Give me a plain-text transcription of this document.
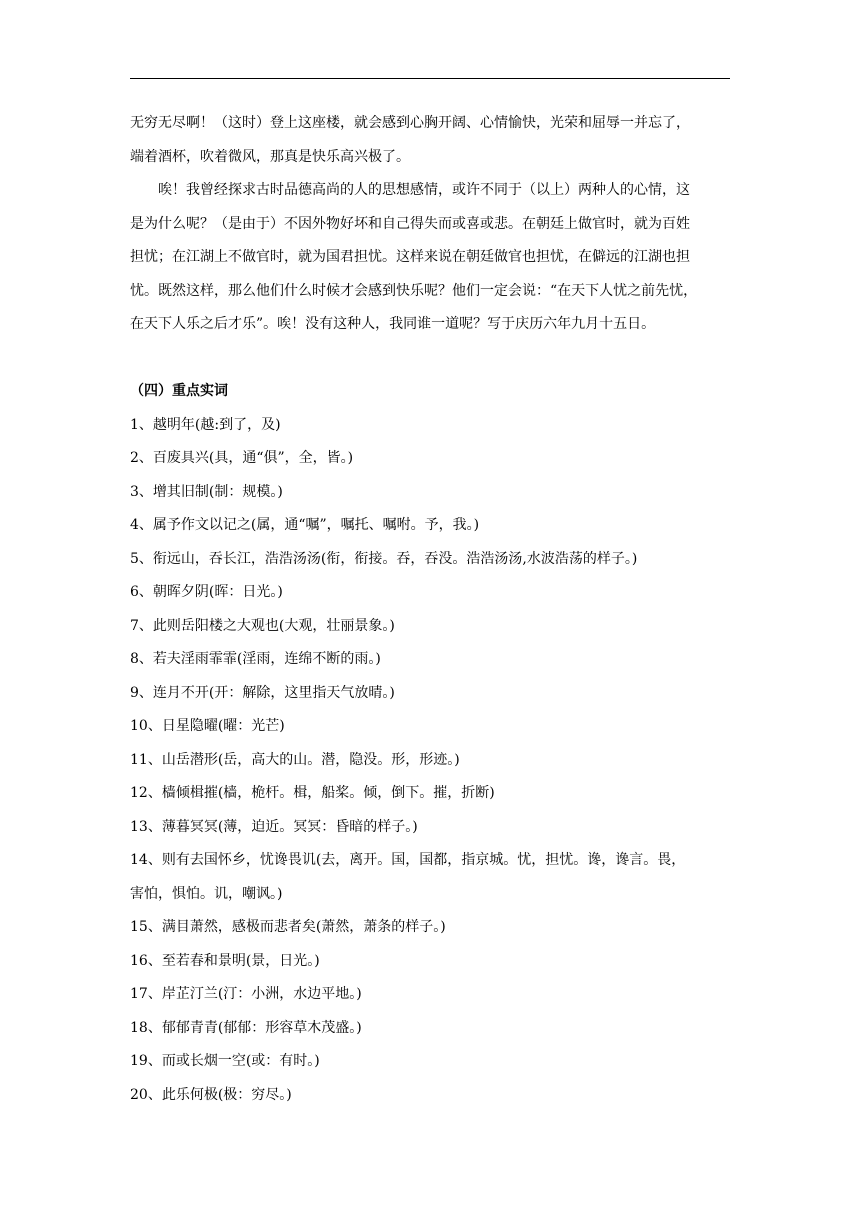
无穷无尽啊！（这时）登上这座楼，就会感到心胸开阔、心情愉快，光荣和屈辱一并忘了，

端着酒杯，吹着微风，那真是快乐高兴极了。

唉！我曾经探求古时品德高尚的人的思想感情，或许不同于（以上）两种人的心情，这

是为什么呢？（是由于）不因外物好坏和自己得失而或喜或悲。在朝廷上做官时，就为百姓

担忧；在江湖上不做官时，就为国君担忧。这样来说在朝廷做官也担忧，在僻远的江湖也担

忧。既然这样，那么他们什么时候才会感到快乐呢？他们一定会说：“在天下人忧之前先忧，

在天下人乐之后才乐”。唉！没有这种人，我同谁一道呢？写于庆历六年九月十五日。

（四）重点实词

1、越明年(越:到了，及)

2、百废具兴(具，通“俱”，全，皆。)

3、增其旧制(制：规模。)

4、属予作文以记之(属，通“嘱”，嘱托、嘱咐。予，我。)

5、衔远山，吞长江，浩浩汤汤(衔，衔接。吞，吞没。浩浩汤汤,水波浩荡的样子。)

6、朝晖夕阴(晖：日光。)

7、此则岳阳楼之大观也(大观，壮丽景象。)

8、若夫淫雨霏霏(淫雨，连绵不断的雨。)

9、连月不开(开：解除，这里指天气放晴。)

10、日星隐曜(曜：光芒)

11、山岳潜形(岳，高大的山。潜，隐没。形，形迹。)

12、樯倾楫摧(樯，桅杆。楫，船桨。倾，倒下。摧，折断)

13、薄暮冥冥(薄，迫近。冥冥：昏暗的样子。)

14、则有去国怀乡，忧谗畏讥(去，离开。国，国都，指京城。忧，担忧。谗，谗言。畏，

害怕，惧怕。讥，嘲讽。)

15、满目萧然，感极而悲者矣(萧然，萧条的样子。)

16、至若春和景明(景，日光。)

17、岸芷汀兰(汀：小洲，水边平地。)

18、郁郁青青(郁郁：形容草木茂盛。)

19、而或长烟一空(或：有时。)

20、此乐何极(极：穷尽。)
